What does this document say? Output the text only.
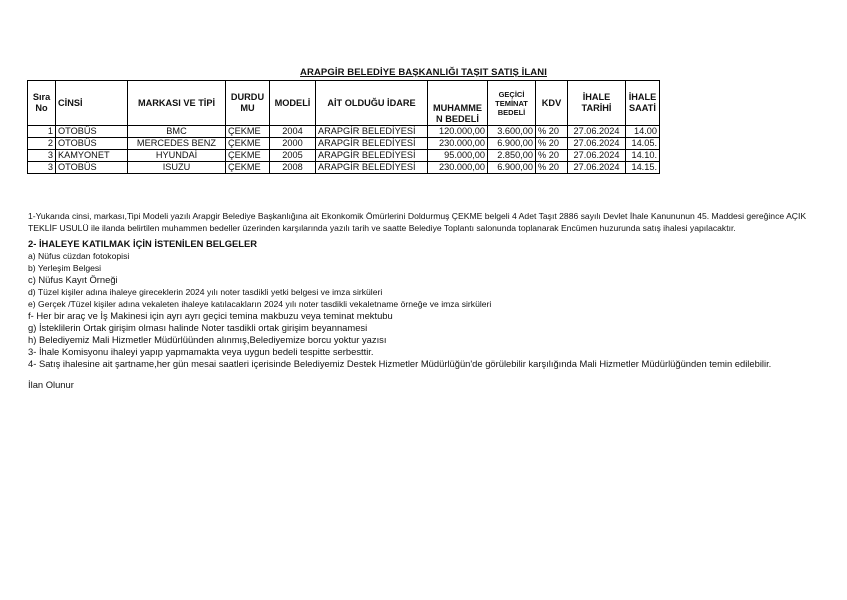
ARAPGİR BELEDİYE BAŞKANLIĞI TAŞIT SATIŞ İLANI
Sıra No	CİNSİ	MARKASI VE TİPİ	DURDUMU	MODELİ	AİT OLDUĞU İDARE	MUHAMMEN BEDELİ	GEÇİCİ TEMİNAT BEDELİ	KDV	İHALE TARİHİ	İHALE SAATİ
1	OTOBÜS	BMC	ÇEKME	2004	ARAPGİR BELEDİYESİ	120.000,00	3.600,00	% 20	27.06.2024	14.00
2	OTOBÜS	MERCEDES BENZ	ÇEKME	2000	ARAPGİR BELEDİYESİ	230.000,00	6.900,00	% 20	27.06.2024	14.05.
3	KAMYONET	HYUNDAİ	ÇEKME	2005	ARAPGİR BELEDİYESİ	95.000,00	2.850,00	% 20	27.06.2024	14.10.
3	OTOBÜS	ISUZU	ÇEKME	2008	ARAPGİR BELEDİYESİ	230.000,00	6.900,00	% 20	27.06.2024	14.15.

1-Yukarıda cinsi, markası,Tipi Modeli yazılı Arapgir Belediye Başkanlığına ait Ekonkomik Ömürlerini Doldurmuş ÇEKME belgeli 4 Adet Taşıt 2886 sayılı Devlet İhale Kanununun 45. Maddesi gereğince AÇIK TEKLİF USULÜ ile ilanda belirtilen muhammen bedeller üzerinden karşılarında yazılı tarih ve saatte Belediye Toplantı salonunda toplanarak Encümen huzurunda satış ihalesi yapılacaktır.

2- İHALEYE KATILMAK İÇİN İSTENİLEN BELGELER

a) Nüfus cüzdan fotokopisi

b) Yerleşim Belgesi

c) Nüfus Kayıt Örneği

d) Tüzel kişiler adına ihaleye gireceklerin 2024 yılı noter tasdikli yetki belgesi ve imza sirküleri

e) Gerçek /Tüzel kişiler adına vekaleten ihaleye katılacakların 2024 yılı noter tasdikli vekaletname örneğe ve imza sirküleri

f- Her bir araç ve İş Makinesi için ayrı ayrı geçici temina makbuzu veya teminat mektubu

g) İsteklilerin Ortak girişim olması halinde Noter tasdikli ortak girişim beyannamesi

h) Belediyemiz Mali Hizmetler Müdürlüünden alınmış,Belediyemize borcu yoktur yazısı

3- İhale Komisyonu ihaleyi yapıp yapmamakta veya uygun bedeli tespitte serbesttir.

4- Satış ihalesine ait şartname,her gün mesai saatleri içerisinde Belediyemiz Destek Hizmetler Müdürlüğün'de görülebilir karşılığında Mali Hizmetler Müdürlüğünden temin edilebilir.

İlan Olunur
